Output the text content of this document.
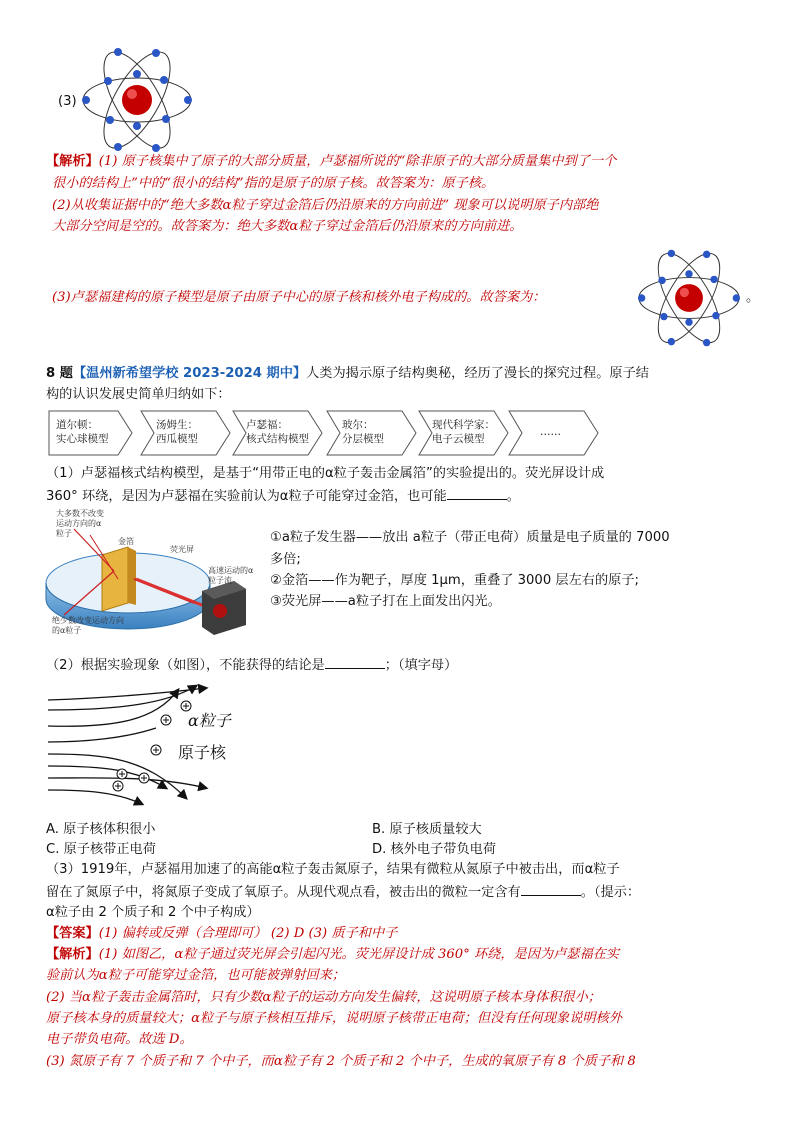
(3)
【解析】(1) 原子核集中了原子的大部分质量，卢瑟福所说的“除非原子的大部分质量集中到了一个
很小的结构上”中的“很小的结构”指的是原子的原子核。故答案为：原子核。
(2)从收集证据中的“绝大多数α粒子穿过金箔后仍沿原来的方向前进” 现象可以说明原子内部绝
大部分空间是空的。故答案为：绝大多数α粒子穿过金箔后仍沿原来的方向前进。
(3)卢瑟福建构的原子模型是原子由原子中心的原子核和核外电子构成的。故答案为：	。
8 题【温州新希望学校 2023-2024 期中】人类为揭示原子结构奥秘，经历了漫长的探究过程。原子结
构的认识发展史简单归纳如下：
道尔顿：
实心球模型
汤姆生：
西瓜模型
卢瑟福：
核式结构模型
玻尔：
分层模型
现代科学家：
电子云模型
……
（1）卢瑟福核式结构模型，是基于“用带正电的α粒子轰击金属箔”的实验提出的。荧光屏设计成
360° 环绕，是因为卢瑟福在实验前认为α粒子可能穿过金箔，也可能	。
大多数不改变
运动方向的α
粒子
金箔
荧光屏
高速运动的α
粒子流
绝少数改变运动方向
的α粒子
①a粒子发生器——放出 a粒子（带正电荷）质量是电子质量的 7000
多倍;
②金箔——作为靶子，厚度 1μm，重叠了 3000 层左右的原子;
③荧光屏——a粒子打在上面发出闪光。
（2）根据实验现象（如图），不能获得的结论是	；（填字母）
α粒子
原子核
A. 原子核体积很小	B. 原子核质量较大
C. 原子核带正电荷	D. 核外电子带负电荷
（3）1919年，卢瑟福用加速了的高能α粒子轰击氮原子，结果有微粒从氮原子中被击出，而α粒子
留在了氮原子中，将氮原子变成了氧原子。从现代观点看，被击出的微粒一定含有	。（提示：
α粒子由 2 个质子和 2 个中子构成）
【答案】(1) 偏转或反弹（合理即可） (2) D (3) 质子和中子
【解析】(1) 如图乙，α粒子通过荧光屏会引起闪光。荧光屏设计成 360° 环绕，是因为卢瑟福在实
验前认为α粒子可能穿过金箔，也可能被弹射回来；
(2) 当α粒子轰击金属箔时，只有少数α粒子的运动方向发生偏转，这说明原子核本身体积很小；
原子核本身的质量较大；α粒子与原子核相互排斥，说明原子核带正电荷；但没有任何现象说明核外
电子带负电荷。故选 D。
(3) 氮原子有 7 个质子和 7 个中子，而α粒子有 2 个质子和 2 个中子，生成的氧原子有 8 个质子和 8
